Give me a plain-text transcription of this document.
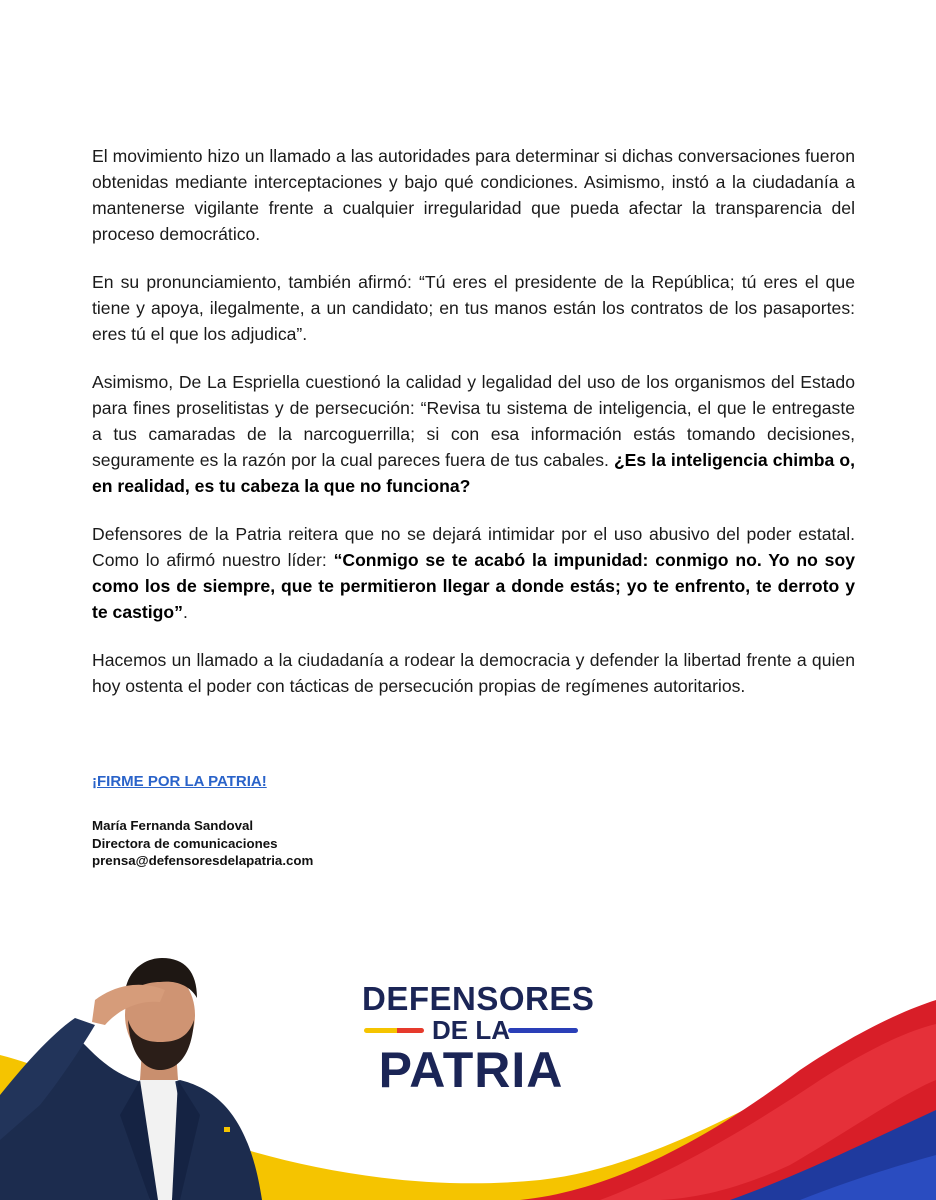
El movimiento hizo un llamado a las autoridades para determinar si dichas conversaciones fueron obtenidas mediante interceptaciones y bajo qué condiciones. Asimismo, instó a la ciudadanía a mantenerse vigilante frente a cualquier irregularidad que pueda afectar la transparencia del proceso democrático.

En su pronunciamiento, también afirmó: “Tú eres el presidente de la República; tú eres el que tiene y apoya, ilegalmente, a un candidato; en tus manos están los contratos de los pasaportes: eres tú el que los adjudica”.

Asimismo, De La Espriella cuestionó la calidad y legalidad del uso de los organismos del Estado para fines proselitistas y de persecución: “Revisa tu sistema de inteligencia, el que le entregaste a tus camaradas de la narcoguerrilla; si con esa información estás tomando decisiones, seguramente es la razón por la cual pareces fuera de tus cabales. ¿Es la inteligencia chimba o, en realidad, es tu cabeza la que no funciona?

Defensores de la Patria reitera que no se dejará intimidar por el uso abusivo del poder estatal. Como lo afirmó nuestro líder: “Conmigo se te acabó la impunidad: conmigo no. Yo no soy como los de siempre, que te permitieron llegar a donde estás; yo te enfrento, te derroto y te castigo”.

Hacemos un llamado a la ciudadanía a rodear la democracia y defender la libertad frente a quien hoy ostenta el poder con tácticas de persecución propias de regímenes autoritarios.

¡FIRME POR LA PATRIA!
María Fernanda Sandoval
Directora de comunicaciones
prensa@defensoresdelapatria.com
DEFENSORES
DE LA
PATRIA
